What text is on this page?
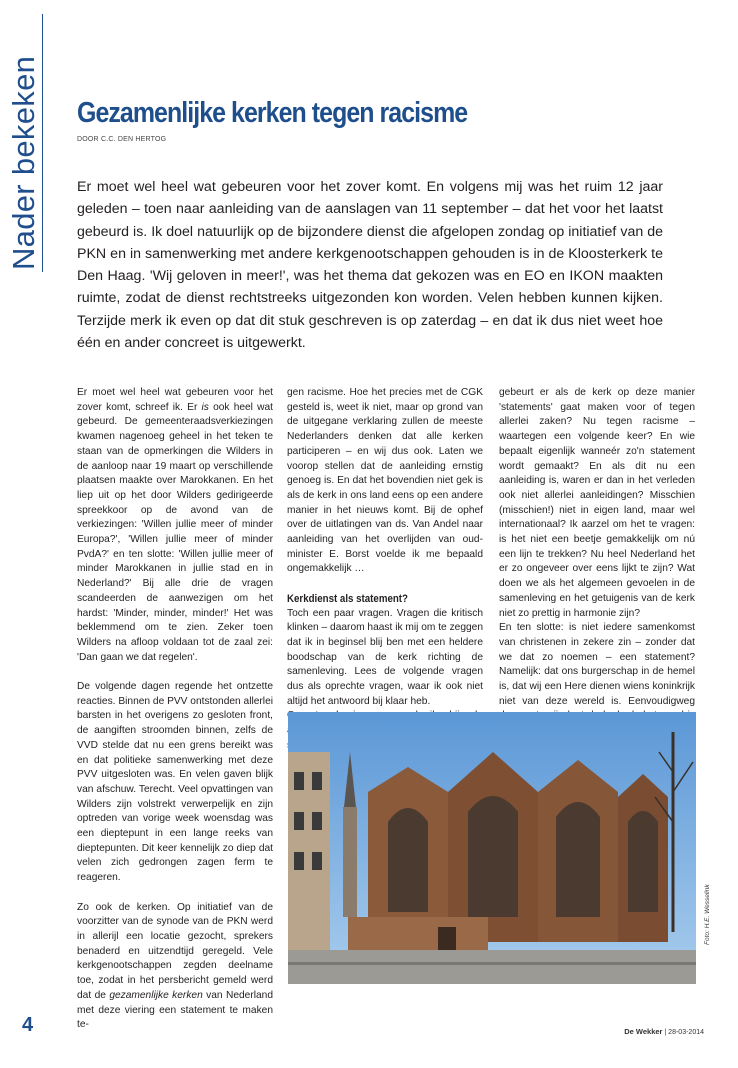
Nader bekeken Gezamenlijke kerken tegen racisme
DOOR C.C. DEN HERTOG

Er moet wel heel wat gebeuren voor het zover komt. En volgens mij was het ruim 12 jaar geleden – toen naar aanleiding van de aanslagen van 11 september – dat het voor het laatst gebeurd is. Ik doel natuurlijk op de bijzondere dienst die afgelopen zondag op initiatief van de PKN en in samenwerking met andere kerkgenootschappen gehouden is in de Kloosterkerk te Den Haag. 'Wij geloven in meer!', was het thema dat gekozen was en EO en IKON maakten ruimte, zodat de dienst rechtstreeks uitgezonden kon worden. Velen hebben kunnen kijken. Terzijde merk ik even op dat dit stuk geschreven is op zaterdag – en dat ik dus niet weet hoe één en ander concreet is uitgewerkt.

Er moet wel heel wat gebeuren voor het zover komt, schreef ik. Er is ook heel wat gebeurd. De gemeenteraadsverkiezingen kwamen nagenoeg geheel in het teken te staan van de opmerkingen die Wilders in de aanloop naar 19 maart op verschillende plaatsen maakte over Marokkanen. En het liep uit op het door Wilders gedirigeerde spreekkoor op de avond van de verkiezingen: 'Willen jullie meer of minder Europa?', 'Willen jullie meer of minder PvdA?' en ten slotte: 'Willen jullie meer of minder Marokkanen in jullie stad en in Nederland?' Bij alle drie de vragen scandeerden de aanwezigen om het hardst: 'Minder, minder, minder!' Het was beklemmend om te zien. Zeker toen Wilders na afloop voldaan tot de zaal zei: 'Dan gaan we dat regelen'.

De volgende dagen regende het ontzette reacties. Binnen de PVV ontstonden allerlei barsten in het overigens zo gesloten front, de aangiften stroomden binnen, zelfs de VVD stelde dat nu een grens bereikt was en dat politieke samenwerking met deze PVV uitgesloten was. En velen gaven blijk van afschuw. Terecht. Veel opvattingen van Wilders zijn volstrekt verwerpelijk en zijn optreden van vorige week woensdag was een dieptepunt in een lange reeks van dieptepunten. Dit keer kennelijk zo diep dat velen zich gedrongen zagen ferm te reageren.

Zo ook de kerken. Op initiatief van de voorzitter van de synode van de PKN werd in allerijl een locatie gezocht, sprekers benaderd en uitzendtijd geregeld. Vele kerkgenootschappen zegden deelname toe, zodat in het persbericht gemeld werd dat de gezamenlijke kerken van Nederland met deze viering een statement te maken te-

gen racisme. Hoe het precies met de CGK gesteld is, weet ik niet, maar op grond van de uitgegane verklaring zullen de meeste Nederlanders denken dat alle kerken participeren – en wij dus ook. Laten we voorop stellen dat de aanleiding ernstig genoeg is. En dat het bovendien niet gek is als de kerk in ons land eens op een andere manier in het nieuws komt. Bij de ophef over de uitlatingen van ds. Van Andel naar aanleiding van het overlijden van oud-minister E. Borst voelde ik me bepaald ongemakkelijk …

Kerkdienst als statement?

Toch een paar vragen. Vragen die kritisch klinken – daarom haast ik mij om te zeggen dat ik in beginsel blij ben met een heldere boodschap van de kerk richting de samenleving. Lees de volgende vragen dus als oprechte vragen, waar ik ook niet altijd het antwoord bij klaar heb.

gebeurt er als de kerk op deze manier 'statements' gaat maken voor of tegen allerlei zaken? Nu tegen racisme – waartegen een volgende keer? En wie bepaalt eigenlijk wanneér zo'n statement wordt gemaakt? En als dit nu een aanleiding is, waren er dan in het verleden ook niet allerlei aanleidingen? Misschien (misschien!) niet in eigen land, maar wel internationaal? Ik aarzel om het te vragen: is het niet een beetje gemakkelijk om nú een lijn te trekken? Nu heel Nederland het er zo ongeveer over eens lijkt te zijn? Wat doen we als het algemeen gevoelen in de samenleving en het getuigenis van de kerk niet zo prettig in harmonie zijn?

En ten slotte: is niet iedere samenkomst van christenen in zekere zin – zonder dat we dat zo noemen – een statement? Namelijk: dat ons burgerschap in de hemel is, dat wij een Here dienen wiens koninkrijk niet van deze wereld is. Eenvoudigweg

Foto: H.E. Wesselink
4	De Wekker | 28-03-2014
